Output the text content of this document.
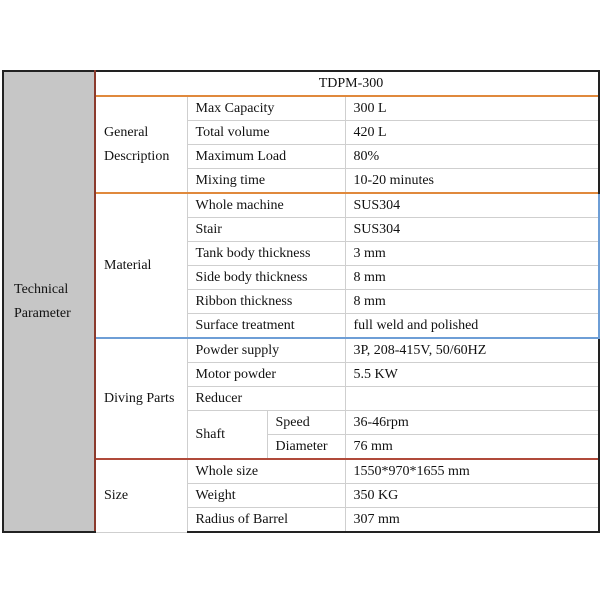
Technical Parameter	TDPM-300			
	General Description	Max Capacity		300 L
		Total volume		420 L
		Maximum Load		80%
		Mixing time		10-20 minutes
	Material	Whole machine		SUS304
		Stair		SUS304
		Tank body thickness		3 mm
		Side body thickness		8 mm
		Ribbon thickness		8 mm
		Surface treatment		full weld and polished
	Diving Parts	Powder supply		3P, 208-415V, 50/60HZ
		Motor powder		5.5 KW
		Reducer		
		Shaft	Speed	36-46rpm
			Diameter	76 mm
	Size	Whole size		1550*970*1655 mm
		Weight		350 KG
		Radius of Barrel		307 mm
